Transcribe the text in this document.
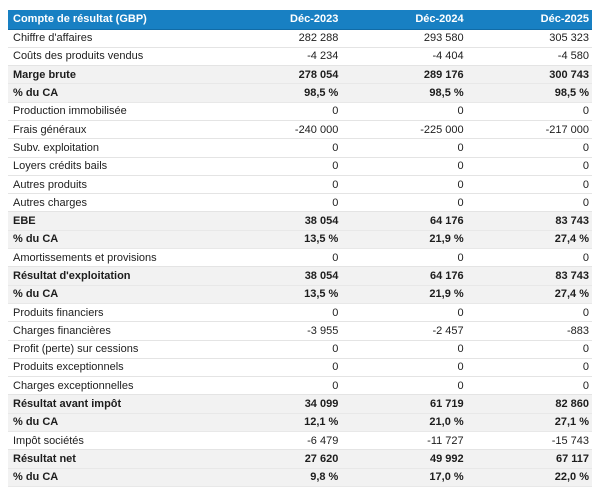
Compte de résultat (GBP)	Déc-2023	Déc-2024	Déc-2025
Chiffre d'affaires	282 288	293 580	305 323
Coûts des produits vendus	-4 234	-4 404	-4 580
Marge brute	278 054	289 176	300 743
% du CA	98,5 %	98,5 %	98,5 %
Production immobilisée	0	0	0
Frais généraux	-240 000	-225 000	-217 000
Subv. exploitation	0	0	0
Loyers crédits bails	0	0	0
Autres produits	0	0	0
Autres charges	0	0	0
EBE	38 054	64 176	83 743
% du CA	13,5 %	21,9 %	27,4 %
Amortissements et provisions	0	0	0
Résultat d'exploitation	38 054	64 176	83 743
% du CA	13,5 %	21,9 %	27,4 %
Produits financiers	0	0	0
Charges financières	-3 955	-2 457	-883
Profit (perte) sur cessions	0	0	0
Produits exceptionnels	0	0	0
Charges exceptionnelles	0	0	0
Résultat avant impôt	34 099	61 719	82 860
% du CA	12,1 %	21,0 %	27,1 %
Impôt sociétés	-6 479	-11 727	-15 743
Résultat net	27 620	49 992	67 117
% du CA	9,8 %	17,0 %	22,0 %
